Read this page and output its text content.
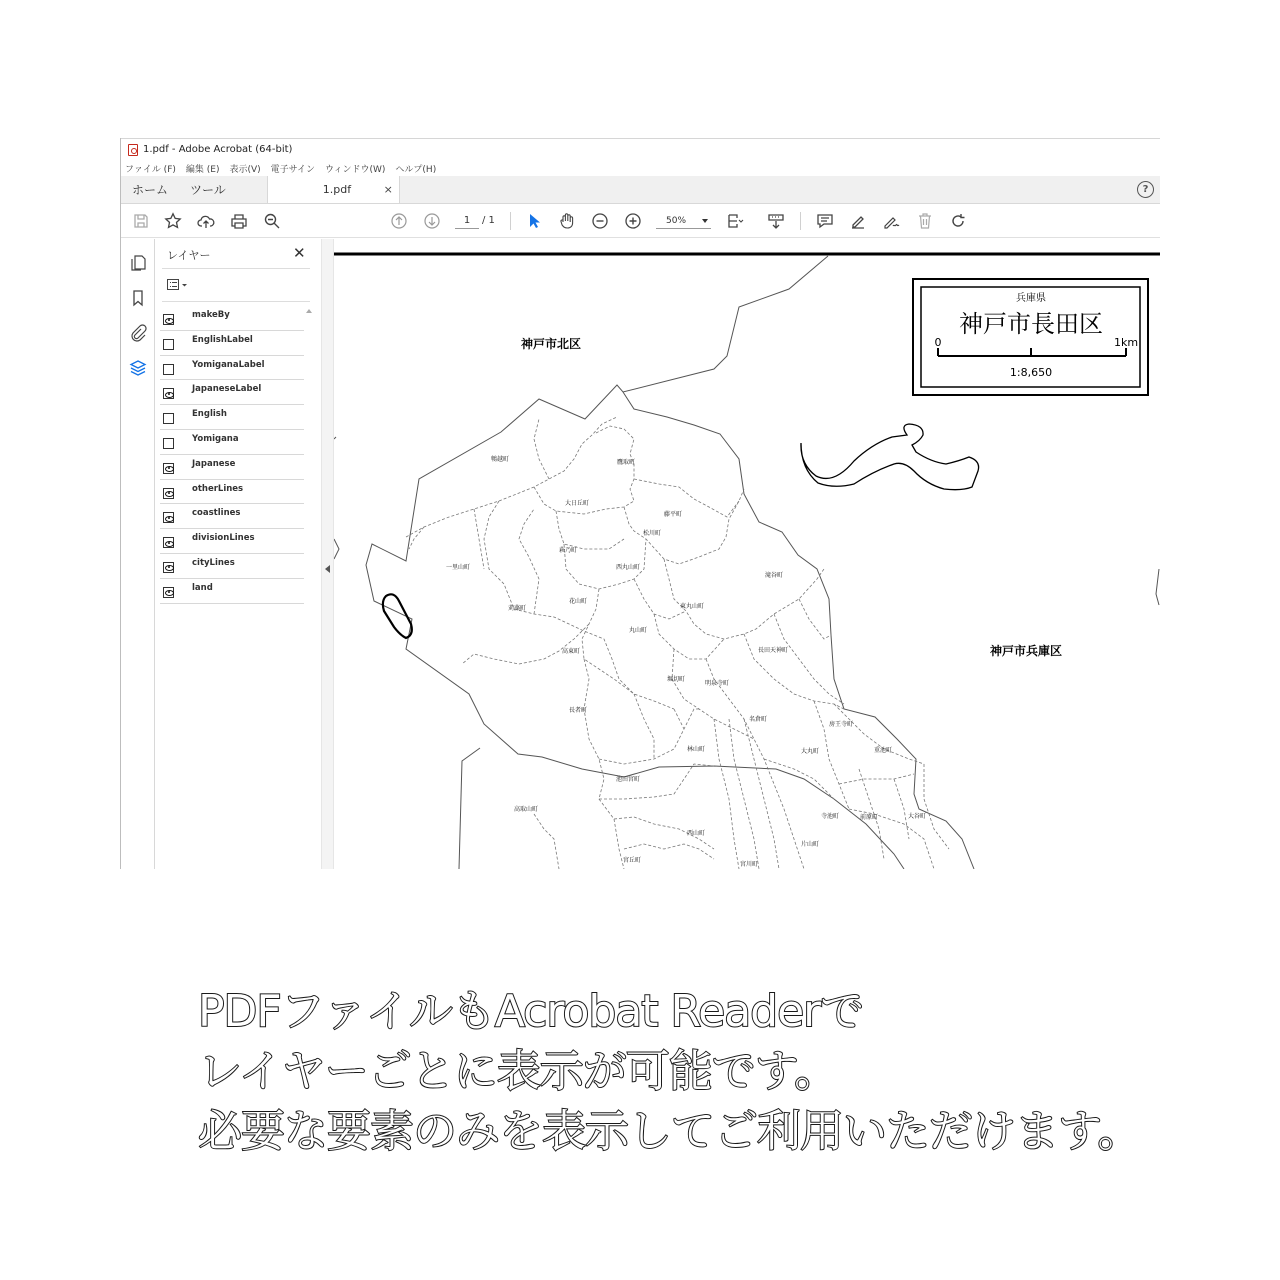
1.pdf - Adobe Acrobat (64-bit)
ファイル (F) 編集 (E) 表示(V) 電子サイン ウィンドウ(W) ヘルプ(H)
ホーム	ツール	1.pdf	×	?
1	/ 1	50%
レイヤー	✕
makeBy
EnglishLabel
YomiganaLabel
JapaneseLabel
English
Yomigana
Japanese
otherLines
coastlines
divisionLines
cityLines
land
兵庫県
神戸市長田区
0	1km
1:8,650
神戸市北区
神戸市兵庫区
鵯越町	鷹取町
大日丘町
藤平町
一里山町
萩乃町
松川町
西丸山町
滝谷町
長田天神町
花山町
東丸山町
丸山町
苅藻町
高東町
堀切町
明泉寺町
長者町
名倉町
房王寺町
林山町	大丸町	重池町
池田宮町
高取山町
寺池町	前原町	大谷町
西山町
片山町
宮丘町
宮川町
PDFファイルもAcrobat Readerで
レイヤーごとに表示が可能です。
必要な要素のみを表示してご利用いただけます。
